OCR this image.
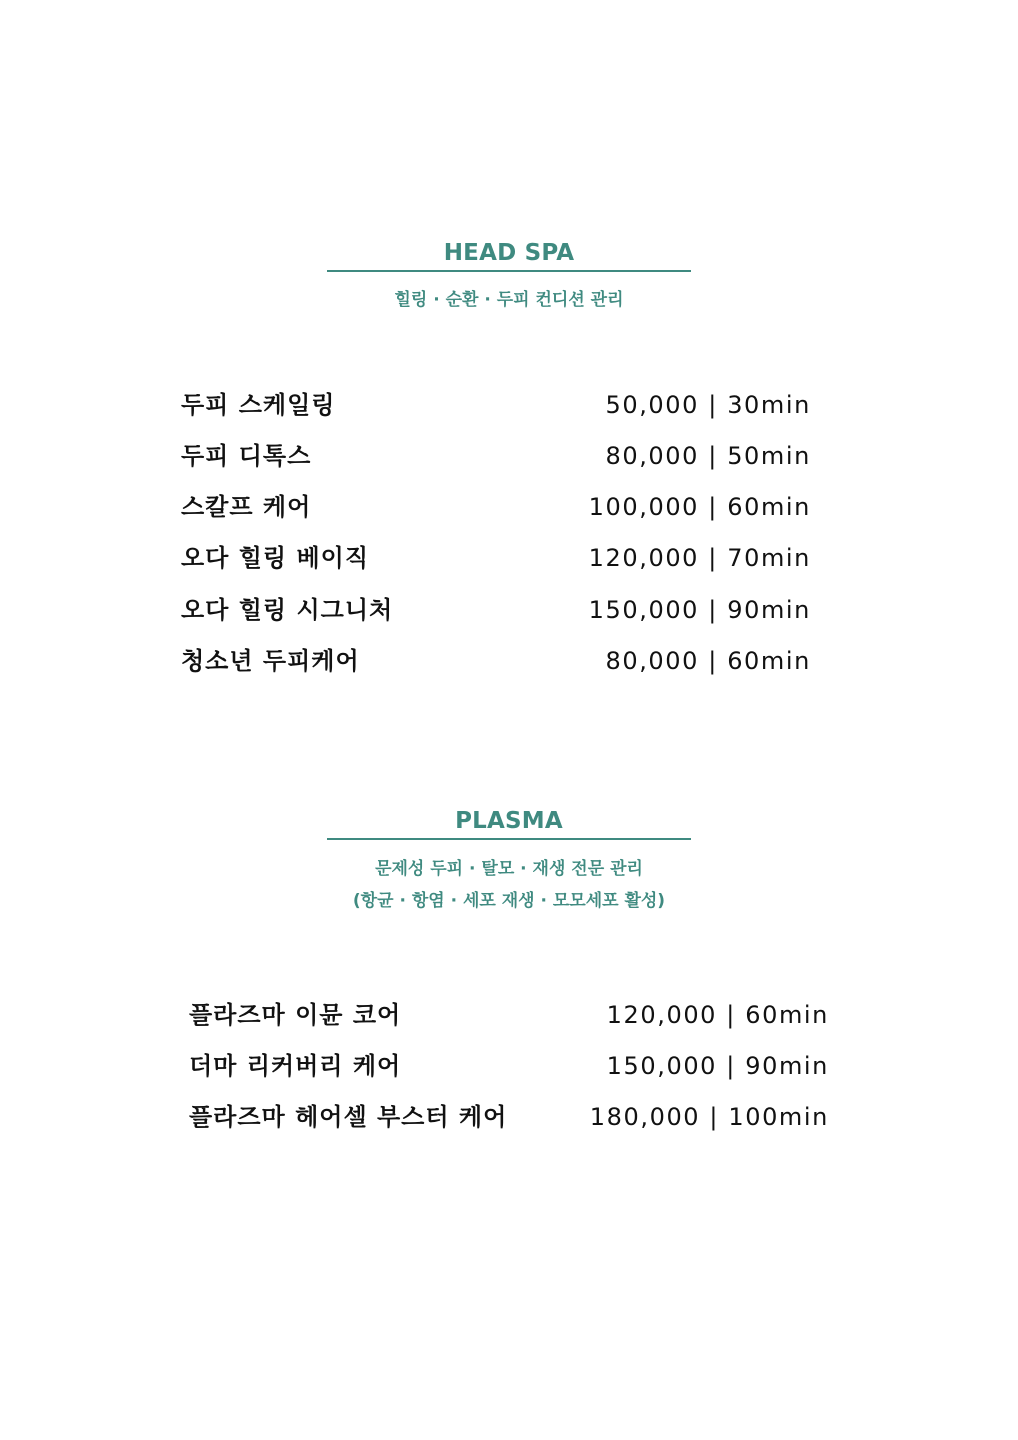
HEAD SPA
힐링 · 순환 · 두피 컨디션 관리
두피 스케일링	50,000 | 30min
두피 디톡스	80,000 | 50min
스칼프 케어	100,000 | 60min
오다 힐링 베이직	120,000 | 70min
오다 힐링 시그니처	150,000 | 90min
청소년 두피케어	80,000 | 60min
PLASMA
문제성 두피 · 탈모 · 재생 전문 관리
(항균 · 항염 · 세포 재생 · 모모세포 활성)
플라즈마 이뮨 코어	120,000 | 60min
더마 리커버리 케어	150,000 | 90min
플라즈마 헤어셀 부스터 케어	180,000 | 100min
